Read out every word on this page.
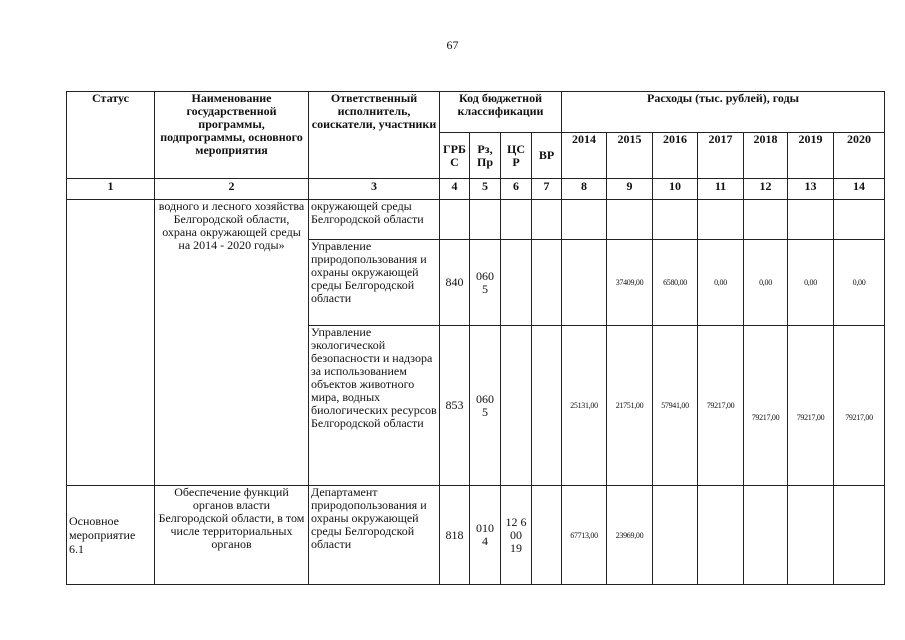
67
Статус	Наименование государственной программы, подпрограммы, основного мероприятия	Ответственный исполнитель, соискатели, участники	Код бюджетной классификации				Расходы (тыс. рублей), годы						
			ГРБ С	Рз, Пр	ЦС Р	ВР	2014	2015	2016	2017	2018	2019	2020
1	2	3	4	5	6	7	8	9	10	11	12	13	14
	водного и лесного хозяйства Белгородской области, охрана окружающей среды на 2014 - 2020 годы»	окружающей среды Белгородской области											
		Управление природопользования и охраны окружающей среды Белгородской области	840	060 5				37409,00	6580,00	0,00	0,00	0,00	0,00
		Управление экологической безопасности и надзора за использованием объектов животного мира, водных биологических ресурсов Белгородской области	853	060 5			25131,00	21751,00	57941,00	79217,00	79217,00	79217,00	79217,00
Основное мероприятие 6.1	Обеспечение функций органов власти Белгородской области, в том числе территориальных органов	Департамент природопользования и охраны окружающей среды Белгородской области	818	010 4	12 6 00 19		67713,00	23969,00					
